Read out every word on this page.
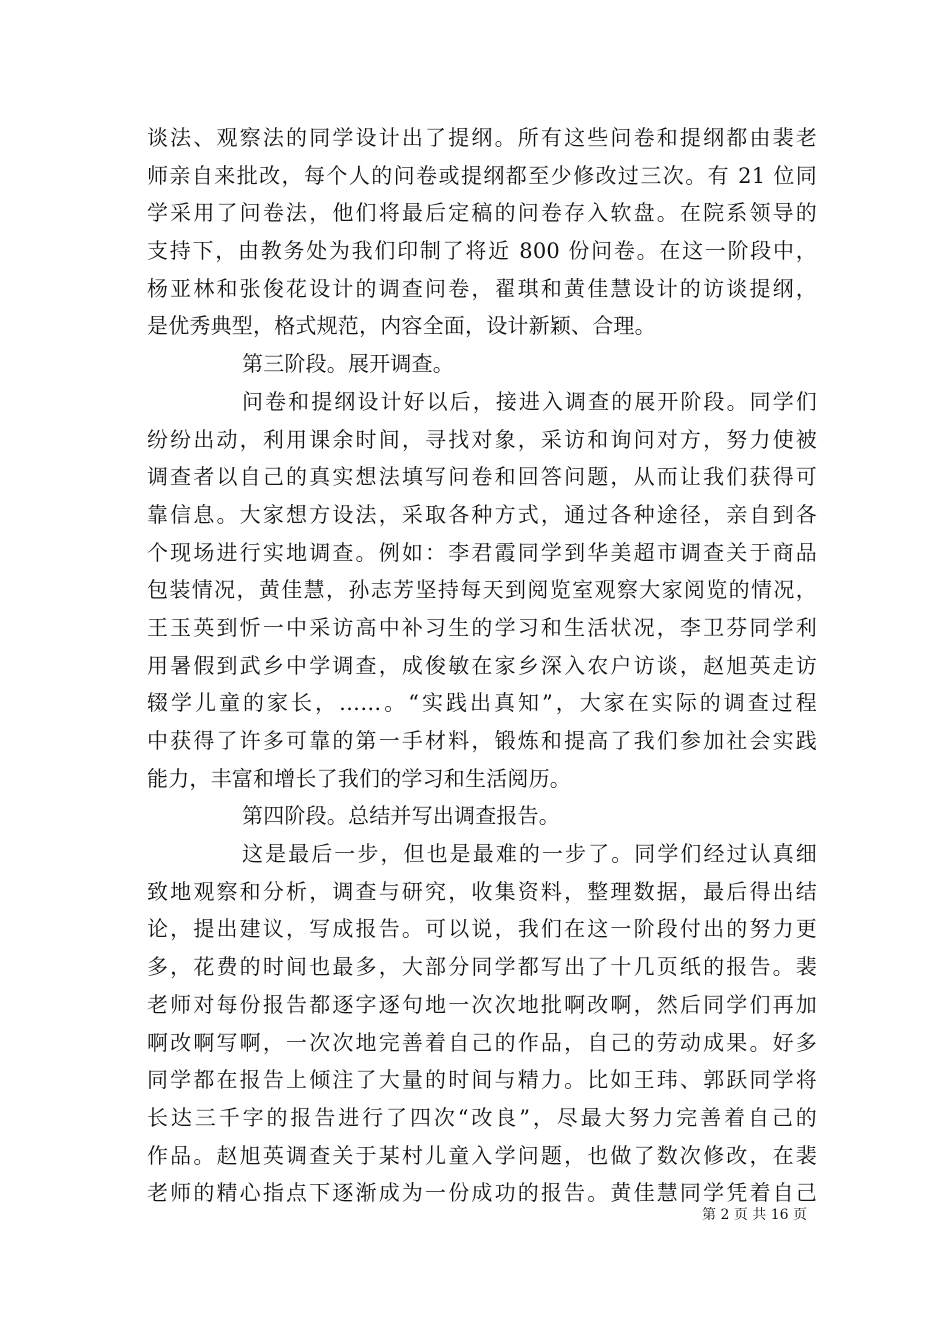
谈法、观察法的同学设计出了提纲。所有这些问卷和提纲都由裴老
师亲自来批改，每个人的问卷或提纲都至少修改过三次。有 21 位同
学采用了问卷法，他们将最后定稿的问卷存入软盘。在院系领导的
支持下，由教务处为我们印制了将近 800 份问卷。在这一阶段中，
杨亚林和张俊花设计的调查问卷，翟琪和黄佳慧设计的访谈提纲，
是优秀典型，格式规范，内容全面，设计新颖、合理。
第三阶段。展开调查。
问卷和提纲设计好以后，接进入调查的展开阶段。同学们
纷纷出动，利用课余时间，寻找对象，采访和询问对方，努力使被
调查者以自己的真实想法填写问卷和回答问题，从而让我们获得可
靠信息。大家想方设法，采取各种方式，通过各种途径，亲自到各
个现场进行实地调查。例如：李君霞同学到华美超市调查关于商品
包装情况，黄佳慧，孙志芳坚持每天到阅览室观察大家阅览的情况，
王玉英到忻一中采访高中补习生的学习和生活状况，李卫芬同学利
用暑假到武乡中学调查，成俊敏在家乡深入农户访谈，赵旭英走访
辍学儿童的家长，……。“实践出真知”，大家在实际的调查过程
中获得了许多可靠的第一手材料，锻炼和提高了我们参加社会实践
能力，丰富和增长了我们的学习和生活阅历。
第四阶段。总结并写出调查报告。
这是最后一步，但也是最难的一步了。同学们经过认真细
致地观察和分析，调查与研究，收集资料，整理数据，最后得出结
论，提出建议，写成报告。可以说，我们在这一阶段付出的努力更
多，花费的时间也最多，大部分同学都写出了十几页纸的报告。裴
老师对每份报告都逐字逐句地一次次地批啊改啊，然后同学们再加
啊改啊写啊，一次次地完善着自己的作品，自己的劳动成果。好多
同学都在报告上倾注了大量的时间与精力。比如王玮、郭跃同学将
长达三千字的报告进行了四次“改良”，尽最大努力完善着自己的
作品。赵旭英调查关于某村儿童入学问题，也做了数次修改，在裴
老师的精心指点下逐渐成为一份成功的报告。黄佳慧同学凭着自己
第 2 页 共 16 页
